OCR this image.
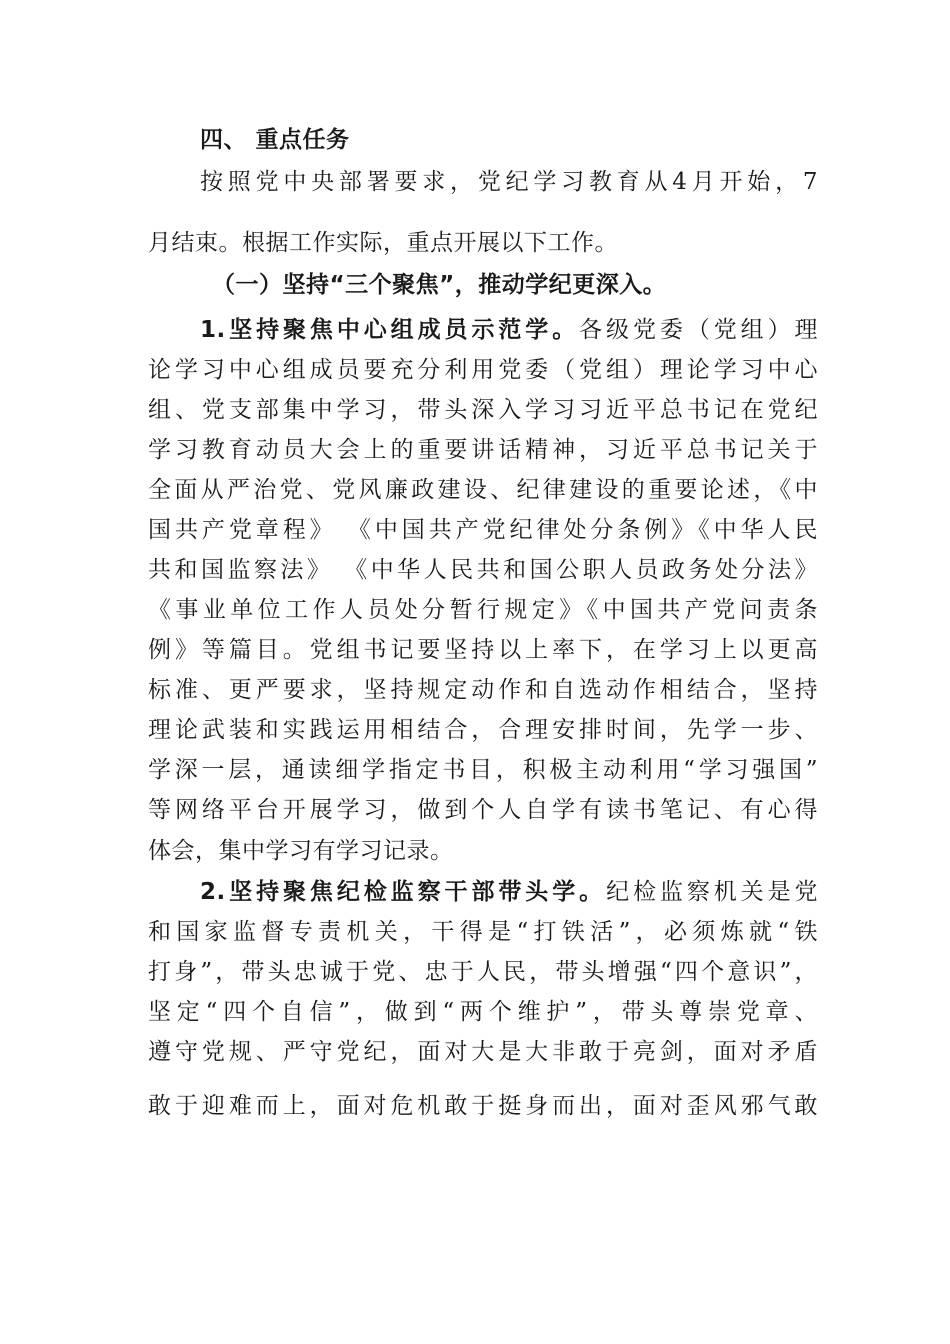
四、 重点任务
按照党中央部署要求，党纪学习教育从4月开始，7
月结束。根据工作实际，重点开展以下工作。
（一）坚持“三个聚焦”，推动学纪更深入。
1.坚持聚焦中心组成员示范学。各级党委（党组）理
论学习中心组成员要充分利用党委（党组）理论学习中心
组、党支部集中学习，带头深入学习习近平总书记在党纪
学习教育动员大会上的重要讲话精神，习近平总书记关于
全面从严治党、党风廉政建设、纪律建设的重要论述，《中
国共产党章程》 《中国共产党纪律处分条例》《中华人民
共和国监察法》 《中华人民共和国公职人员政务处分法》
《事业单位工作人员处分暂行规定》《中国共产党问责条
例》等篇目。党组书记要坚持以上率下，在学习上以更高
标准、更严要求，坚持规定动作和自选动作相结合，坚持
理论武装和实践运用相结合，合理安排时间，先学一步、
学深一层，通读细学指定书目，积极主动利用“学习强国”
等网络平台开展学习，做到个人自学有读书笔记、有心得
体会，集中学习有学习记录。
2.坚持聚焦纪检监察干部带头学。纪检监察机关是党
和国家监督专责机关，干得是“打铁活”，必须炼就“铁
打身”，带头忠诚于党、忠于人民，带头增强“四个意识”，
坚定“四个自信”，做到“两个维护”，带头尊崇党章、
遵守党规、严守党纪，面对大是大非敢于亮剑，面对矛盾
敢于迎难而上，面对危机敢于挺身而出，面对歪风邪气敢
